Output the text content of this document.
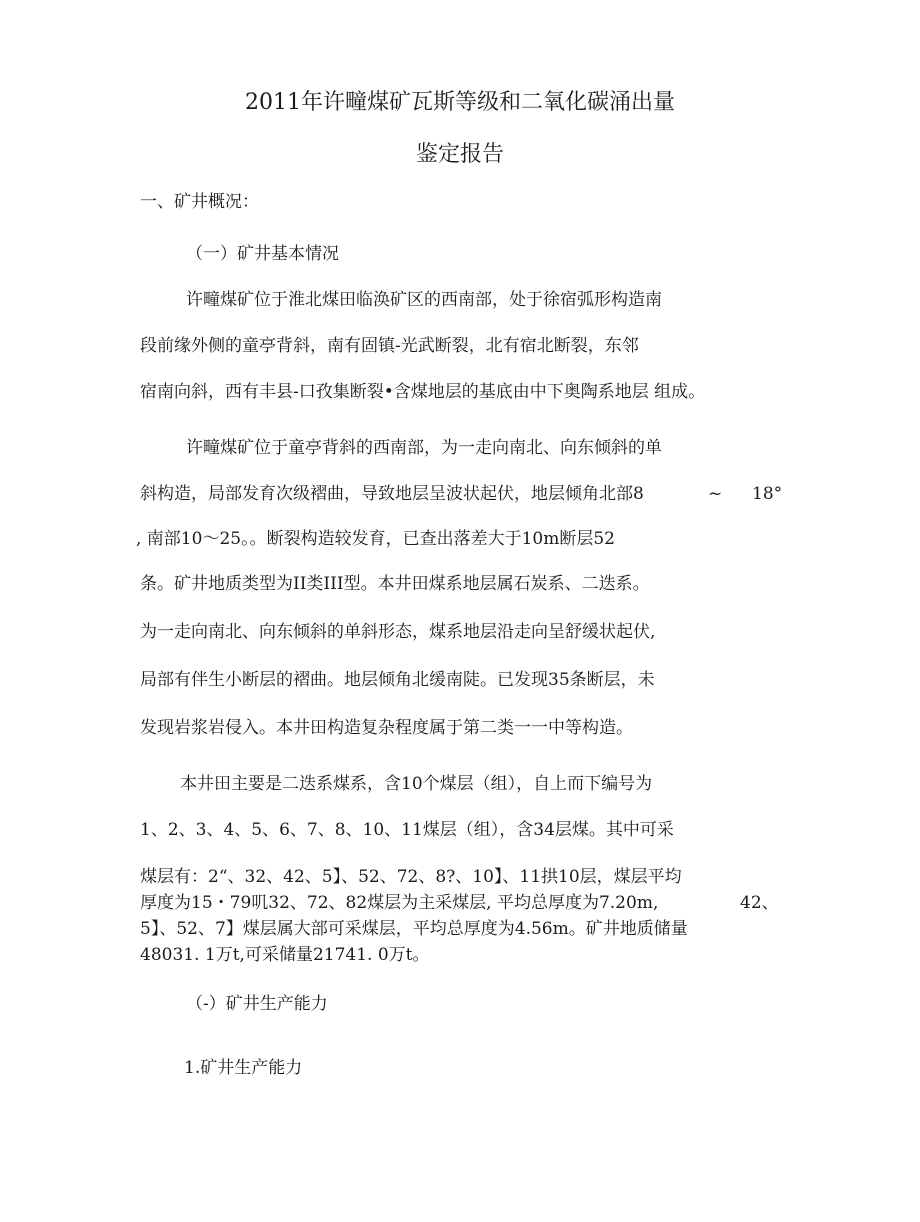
2011年许疃煤矿瓦斯等级和二氧化碳涌出量
鉴定报告
一、矿井概况：
（一）矿井基本情况
许疃煤矿位于淮北煤田临涣矿区的西南部，处于徐宿弧形构造南
段前缘外侧的童亭背斜，南有固镇-光武断裂，北有宿北断裂，东邻
宿南向斜，西有丰县-口孜集断裂•含煤地层的基底由中下奥陶系地层 组成。
许疃煤矿位于童亭背斜的西南部，为一走向南北、向东倾斜的单
斜构造，局部发育次级褶曲，导致地层呈波状起伏，地层倾角北部8	~ 18°
, 南部10～25。。断裂构造较发育，已查出落差大于10m断层52
条。矿井地质类型为II类III型。本井田煤系地层属石炭系、二迭系。
为一走向南北、向东倾斜的单斜形态，煤系地层沿走向呈舒缓状起伏,
局部有伴生小断层的褶曲。地层倾角北缓南陡。已发现35条断层，未
发现岩浆岩侵入。本井田构造复杂程度属于第二类一一中等构造。
本井田主要是二迭系煤系，含10个煤层（组），自上而下编号为
1、2、3、4、5、6、7、8、10、11煤层（组），含34层煤。其中可采
煤层有：2“、32、42、5】、52、72、8?、10】、11拱10层，煤层平均
厚度为15・79叽32、72、82煤层为主采煤层, 平均总厚度为7.20m,	42、
5】、52、7】煤层属大部可采煤层，平均总厚度为4.56m。矿井地质储量
48031. 1万t,可采储量21741. 0万t。
（-）矿井生产能力
1.矿井生产能力
